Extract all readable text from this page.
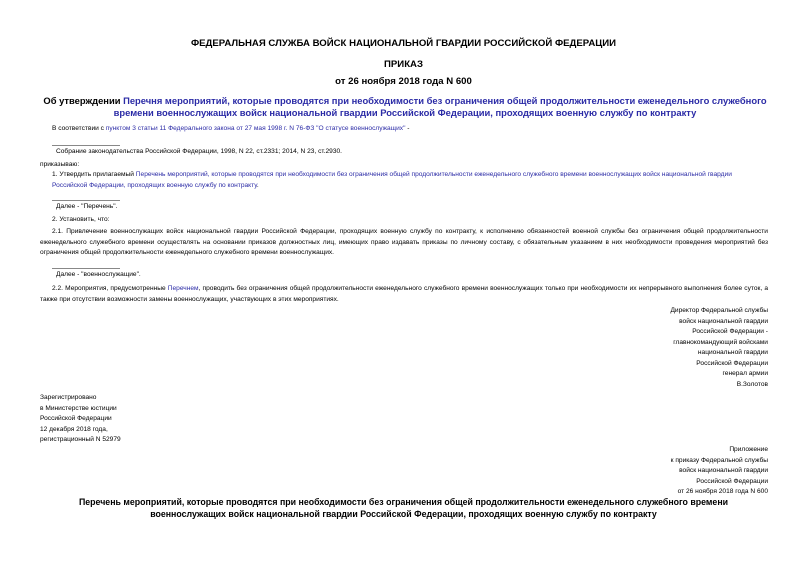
ФЕДЕРАЛЬНАЯ СЛУЖБА ВОЙСК НАЦИОНАЛЬНОЙ ГВАРДИИ РОССИЙСКОЙ ФЕДЕРАЦИИ
ПРИКАЗ
от 26 ноября 2018 года N 600
Об утверждении Перечня мероприятий, которые проводятся при необходимости без ограничения общей продолжительности еженедельного служебного времени военнослужащих войск национальной гвардии Российской Федерации, проходящих военную службу по контракту
В соответствии с пунктом 3 статьи 11 Федерального закона от 27 мая 1998 г. N 76-ФЗ "О статусе военнослужащих" -
Собрание законодательства Российской Федерации, 1998, N 22, ст.2331; 2014, N 23, ст.2930.
приказываю:
1. Утвердить прилагаемый Перечень мероприятий, которые проводятся при необходимости без ограничения общей продолжительности еженедельного служебного времени военнослужащих войск национальной гвардии Российской Федерации, проходящих военную службу по контракту.
Далее - "Перечень".
2. Установить, что:
2.1. Привлечение военнослужащих войск национальной гвардии Российской Федерации, проходящих военную службу по контракту, к исполнению обязанностей военной службы без ограничения общей продолжительности еженедельного служебного времени осуществлять на основании приказов должностных лиц, имеющих право издавать приказы по личному составу, с обязательным указанием в них необходимости проведения мероприятий без ограничения общей продолжительности еженедельного служебного времени военнослужащих.
Далее - "военнослужащие".
2.2. Мероприятия, предусмотренные Перечнем, проводить без ограничения общей продолжительности еженедельного служебного времени военнослужащих только при необходимости их непрерывного выполнения более суток, а также при отсутствии возможности замены военнослужащих, участвующих в этих мероприятиях.
Директор Федеральной службы
войск национальной гвардии
Российской Федерации -
главнокомандующий войсками
национальной гвардии
Российской Федерации
генерал армии
В.Золотов
Зарегистрировано
в Министерстве юстиции
Российской Федерации
12 декабря 2018 года,
регистрационный N 52979
Приложение
к приказу Федеральной службы
войск национальной гвардии
Российской Федерации
от 26 ноября 2018 года N 600
Перечень мероприятий, которые проводятся при необходимости без ограничения общей продолжительности еженедельного служебного времени
военнослужащих войск национальной гвардии Российской Федерации, проходящих военную службу по контракту
